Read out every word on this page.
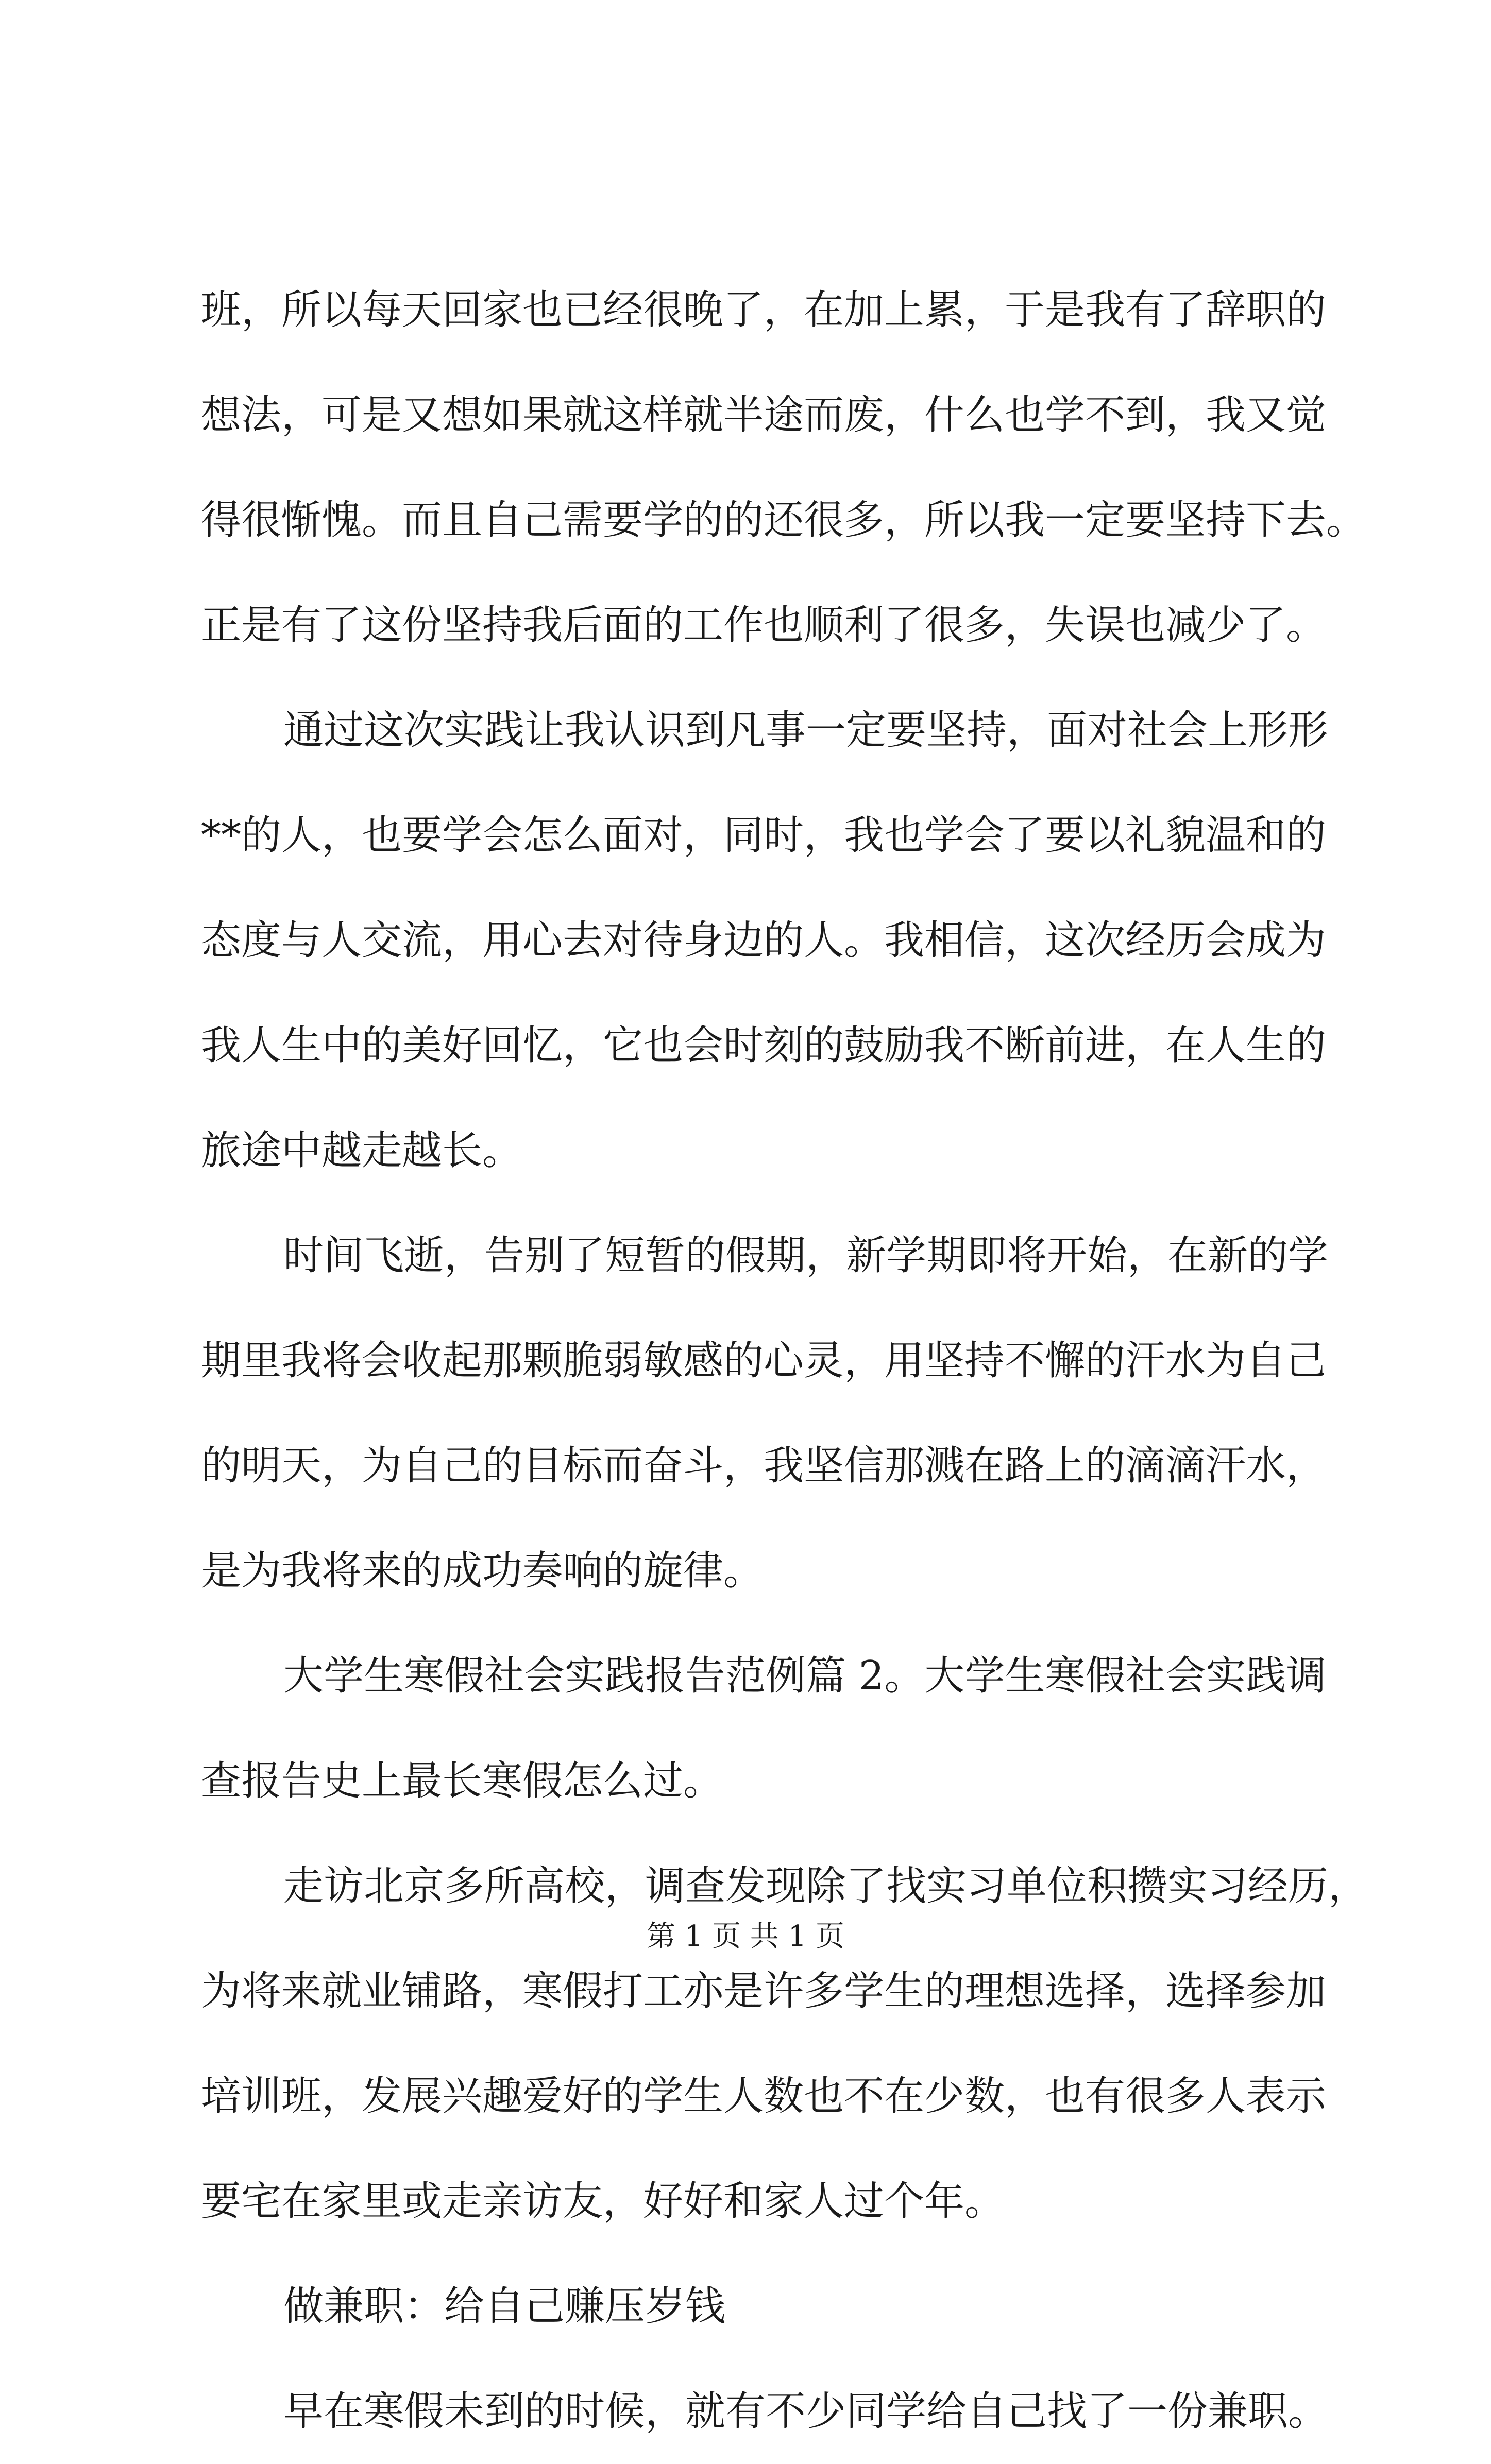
班，所以每天回家也已经很晚了，在加上累，于是我有了辞职的
想法，可是又想如果就这样就半途而废，什么也学不到，我又觉
得很惭愧。而且自己需要学的的还很多，所以我一定要坚持下去。
正是有了这份坚持我后面的工作也顺利了很多，失误也减少了。
通过这次实践让我认识到凡事一定要坚持，面对社会上形形
**的人，也要学会怎么面对，同时，我也学会了要以礼貌温和的
态度与人交流，用心去对待身边的人。我相信，这次经历会成为
我人生中的美好回忆，它也会时刻的鼓励我不断前进，在人生的
旅途中越走越长。
时间飞逝，告别了短暂的假期，新学期即将开始，在新的学
期里我将会收起那颗脆弱敏感的心灵，用坚持不懈的汗水为自己
的明天，为自己的目标而奋斗，我坚信那溅在路上的滴滴汗水，
是为我将来的成功奏响的旋律。
大学生寒假社会实践报告范例篇 2。大学生寒假社会实践调
查报告史上最长寒假怎么过。
走访北京多所高校，调查发现除了找实习单位积攒实习经历，
为将来就业铺路，寒假打工亦是许多学生的理想选择，选择参加
培训班，发展兴趣爱好的学生人数也不在少数，也有很多人表示
要宅在家里或走亲访友，好好和家人过个年。
做兼职：给自己赚压岁钱
早在寒假未到的时候，就有不少同学给自己找了一份兼职。
第 1 页 共 1 页
